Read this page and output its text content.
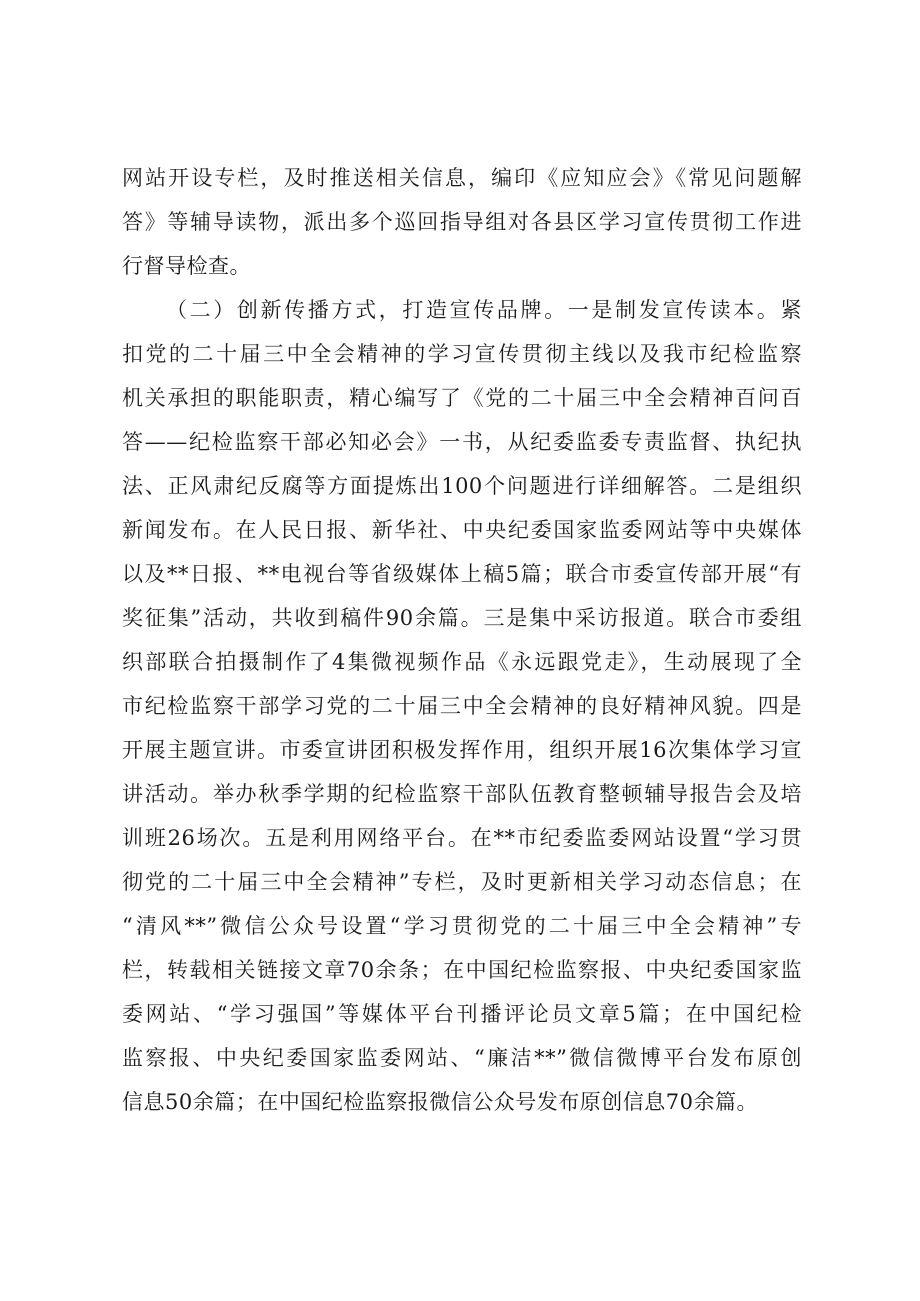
网站开设专栏，及时推送相关信息，编印《应知应会》《常见问题解
答》等辅导读物，派出多个巡回指导组对各县区学习宣传贯彻工作进
行督导检查。
（二）创新传播方式，打造宣传品牌。一是制发宣传读本。紧
扣党的二十届三中全会精神的学习宣传贯彻主线以及我市纪检监察
机关承担的职能职责，精心编写了《党的二十届三中全会精神百问百
答——纪检监察干部必知必会》一书，从纪委监委专责监督、执纪执
法、正风肃纪反腐等方面提炼出100个问题进行详细解答。二是组织
新闻发布。在人民日报、新华社、中央纪委国家监委网站等中央媒体
以及**日报、**电视台等省级媒体上稿5篇；联合市委宣传部开展“有
奖征集”活动，共收到稿件90余篇。三是集中采访报道。联合市委组
织部联合拍摄制作了4集微视频作品《永远跟党走》，生动展现了全
市纪检监察干部学习党的二十届三中全会精神的良好精神风貌。四是
开展主题宣讲。市委宣讲团积极发挥作用，组织开展16次集体学习宣
讲活动。举办秋季学期的纪检监察干部队伍教育整顿辅导报告会及培
训班26场次。五是利用网络平台。在**市纪委监委网站设置“学习贯
彻党的二十届三中全会精神”专栏，及时更新相关学习动态信息；在
“清风**”微信公众号设置“学习贯彻党的二十届三中全会精神”专
栏，转载相关链接文章70余条；在中国纪检监察报、中央纪委国家监
委网站、“学习强国”等媒体平台刊播评论员文章5篇；在中国纪检
监察报、中央纪委国家监委网站、“廉洁**”微信微博平台发布原创
信息50余篇；在中国纪检监察报微信公众号发布原创信息70余篇。
